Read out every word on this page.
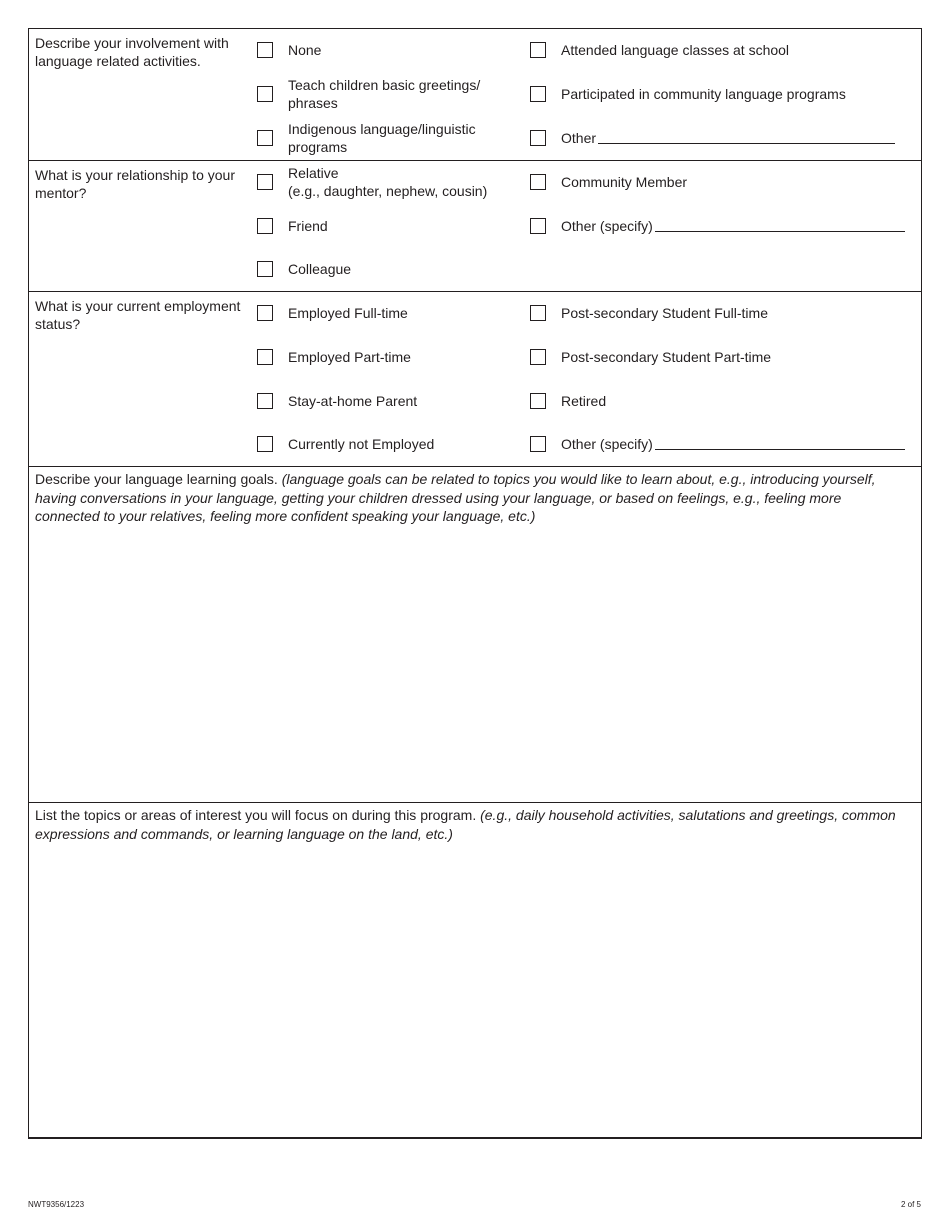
Describe your involvement with language related activities.
None
Teach children basic greetings/
phrases
Indigenous language/linguistic
programs
Attended language classes at school
Participated in community language programs
Other
What is your relationship to your mentor?
Relative
(e.g., daughter, nephew, cousin)
Friend
Colleague
Community Member
Other (specify)
What is your current employment status?
Employed Full-time
Employed Part-time
Stay-at-home Parent
Currently not Employed
Post-secondary Student Full-time
Post-secondary Student Part-time
Retired
Other (specify)
Describe your language learning goals. (language goals can be related to topics you would like to learn about, e.g., introducing yourself, having conversations in your language, getting your children dressed using your language, or based on feelings, e.g., feeling more connected to your relatives, feeling more confident speaking your language, etc.)
List the topics or areas of interest you will focus on during this program. (e.g., daily household activities, salutations and greetings, common expressions and commands, or learning language on the land, etc.)
NWT9356/1223	2 of 5
